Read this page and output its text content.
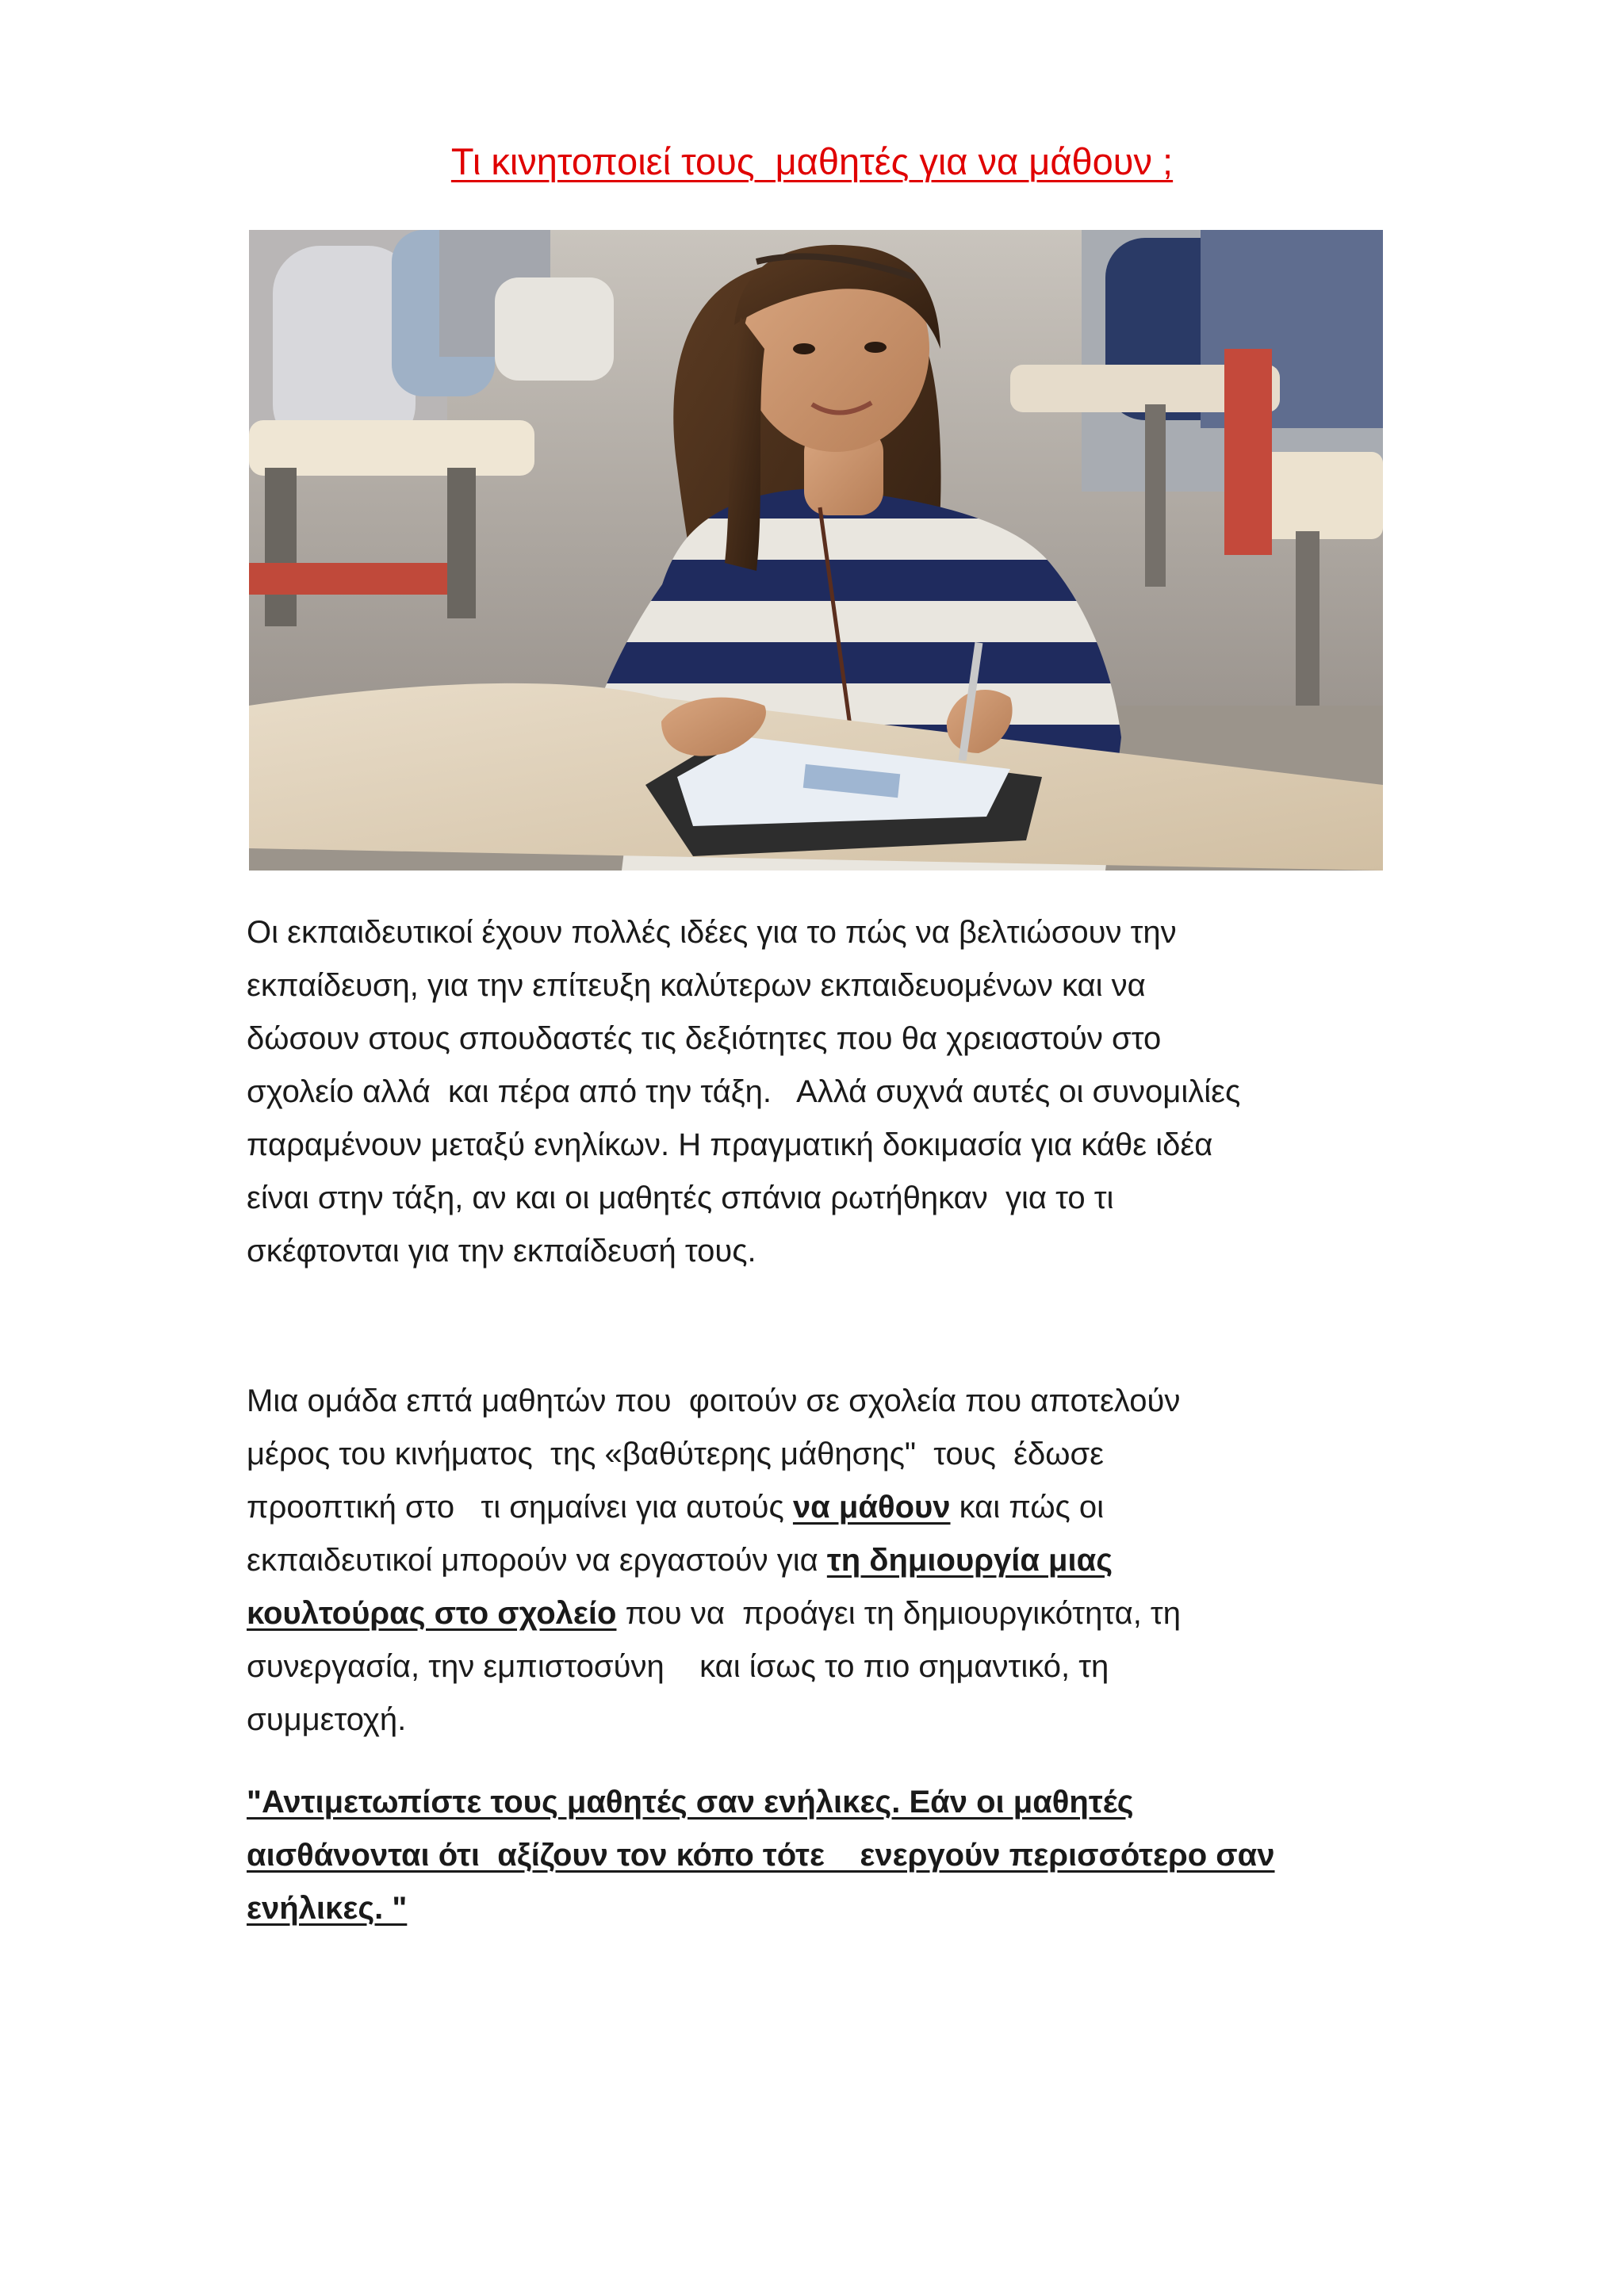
Τι κινητοποιεί τους  μαθητές για να μάθουν ;

Οι εκπαιδευτικοί έχουν πολλές ιδέες για το πώς να βελτιώσουν την
εκπαίδευση, για την επίτευξη καλύτερων εκπαιδευομένων και να
δώσουν στους σπουδαστές τις δεξιότητες που θα χρειαστούν στο
σχολείο αλλά  και πέρα από την τάξη.   Αλλά συχνά αυτές οι συνομιλίες
παραμένουν μεταξύ ενηλίκων. Η πραγματική δοκιμασία για κάθε ιδέα
είναι στην τάξη, αν και οι μαθητές σπάνια ρωτήθηκαν  για το τι
σκέφτονται για την εκπαίδευσή τους.

Μια ομάδα επτά μαθητών που  φοιτούν σε σχολεία που αποτελούν
μέρος του κινήματος  της «βαθύτερης μάθησης"  τους  έδωσε
προοπτική στο   τι σημαίνει για αυτούς να μάθουν και πώς οι
εκπαιδευτικοί μπορούν να εργαστούν για τη δημιουργία μιας
κουλτούρας στο σχολείο που να  προάγει τη δημιουργικότητα, τη
συνεργασία, την εμπιστοσύνη    και ίσως το πιο σημαντικό, τη
συμμετοχή.

"Αντιμετωπίστε τους μαθητές σαν ενήλικες. Εάν οι μαθητές
αισθάνονται ότι  αξίζουν τον κόπο τότε    ενεργούν περισσότερο σαν
ενήλικες. "
